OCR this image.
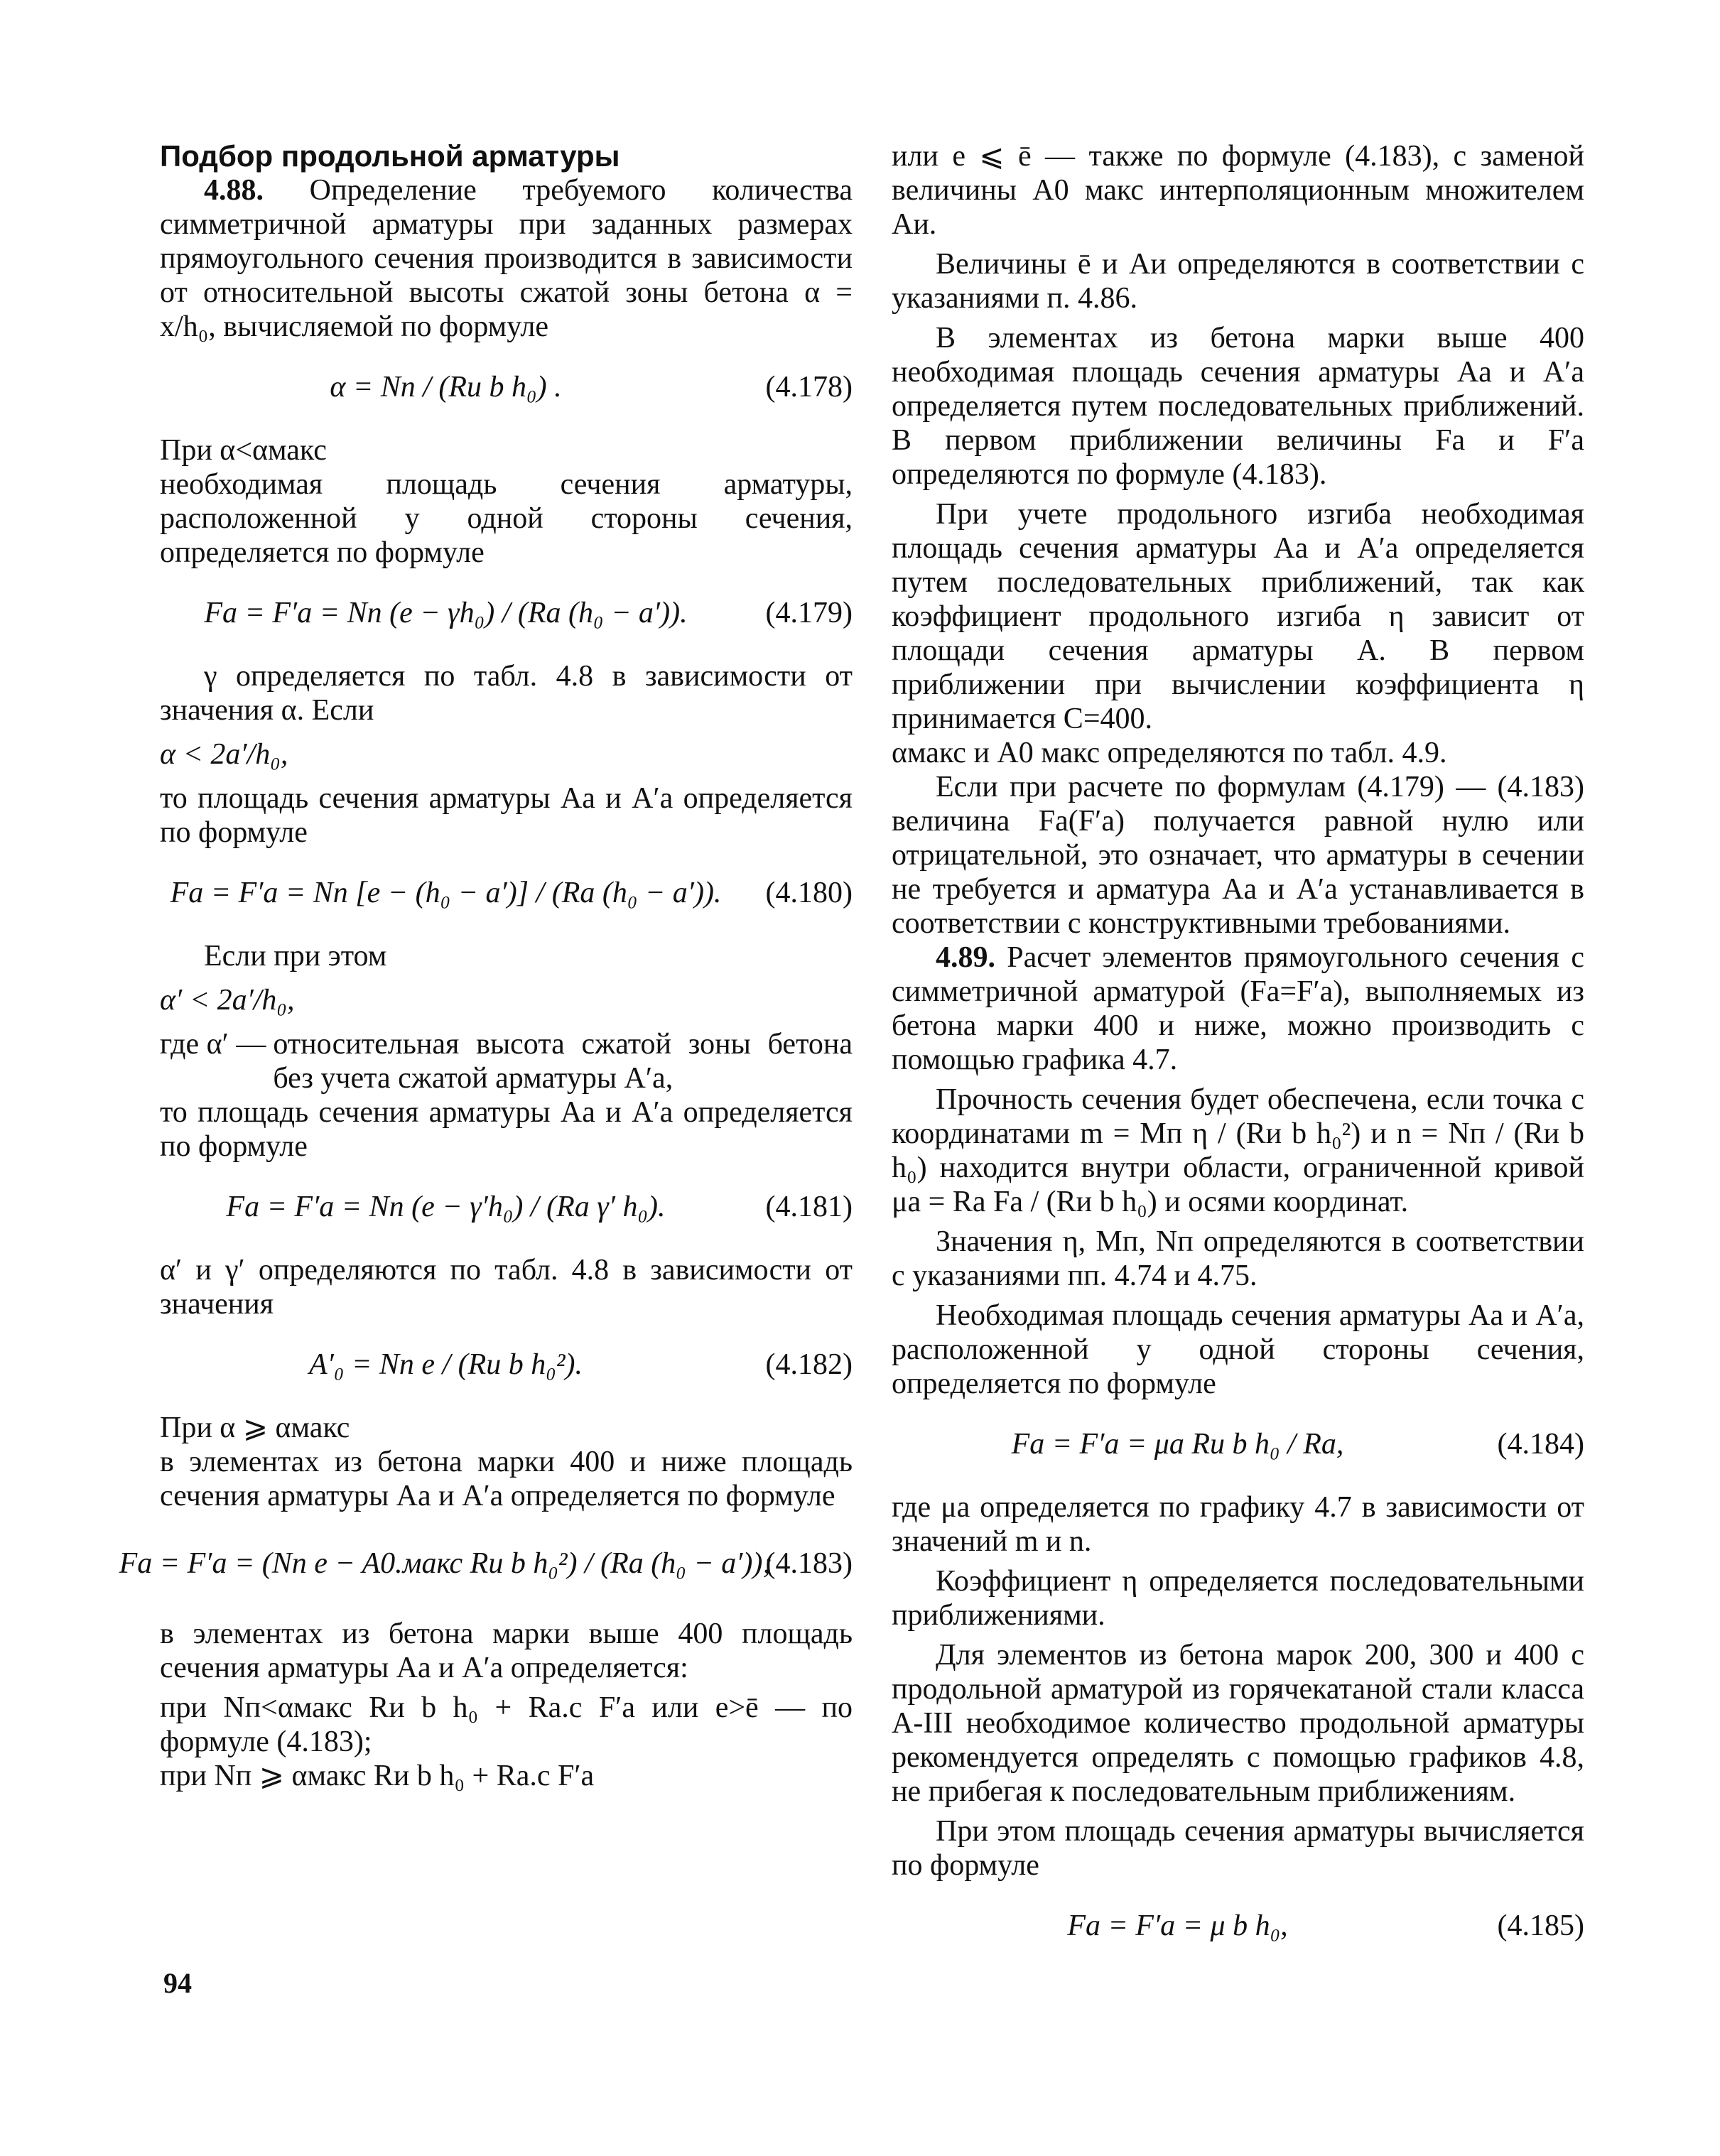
Подбор продольной арматуры

4.88. Определение требуемого количества симметричной арматуры при заданных размерах прямоугольного сечения производится в зависимости от относительной высоты сжатой зоны бетона α = x/h₀, вычисляемой по формуле

α = Nп / (Rи b h₀) .	(4.178)

При α<αмакс

необходимая площадь сечения арматуры, расположенной у одной стороны сечения, определяется по формуле

Fа = F′а = Nп (e − γh₀) / (Rа (h₀ − a′)).	(4.179)

γ определяется по табл. 4.8 в зависимости от значения α. Если

α < 2a′/h₀,

то площадь сечения арматуры Aа и A′а определяется по формуле

Fа = F′а = Nп [e − (h₀ − a′)] / (Rа (h₀ − a′)).	(4.180)

Если при этом

α′ < 2a′/h₀,

где α′ — относительная высота сжатой зоны бетона без учета сжатой арматуры A′а,

то площадь сечения арматуры Aа и A′а определяется по формуле

Fа = F′а = Nп (e − γ′h₀) / (Rа γ′ h₀).	(4.181)

α′ и γ′ определяются по табл. 4.8 в зависимости от значения

A′₀ = Nп e / (Rи b h₀²).	(4.182)

При α ⩾ αмакс

в элементах из бетона марки 400 и ниже площадь сечения арматуры Aа и A′а определяется по формуле

Fа = F′а = (Nп e − A0.макс Rи b h₀²) / (Rа (h₀ − a′));
(4.183)

в элементах из бетона марки выше 400 площадь сечения арматуры Aа и A′а определяется:

при Nп<αмакс Rи b h₀ + Rа.с F′а или e>ē — по формуле (4.183);

при Nп ⩾ αмакс Rи b h₀ + Rа.с F′а

или e ⩽ ē — также по формуле (4.183), с заменой величины A0 макс интерполяционным множителем Aи.

Величины ē и Aи определяются в соответствии с указаниями п. 4.86.

В элементах из бетона марки выше 400 необходимая площадь сечения арматуры Aа и A′а определяется путем последовательных приближений. В первом приближении величины Fа и F′а определяются по формуле (4.183).

При учете продольного изгиба необходимая площадь сечения арматуры Aа и A′а определяется путем последовательных приближений, так как коэффициент продольного изгиба η зависит от площади сечения арматуры A. В первом приближении при вычислении коэффициента η принимается C=400.

αмакс и A0 макс определяются по табл. 4.9.

Если при расчете по формулам (4.179) — (4.183) величина Fа(F′а) получается равной нулю или отрицательной, это означает, что арматуры в сечении не требуется и арматура Aа и A′а устанавливается в соответствии с конструктивными требованиями.

4.89. Расчет элементов прямоугольного сечения с симметричной арматурой (Fа=F′а), выполняемых из бетона марки 400 и ниже, можно производить с помощью графика 4.7.

Прочность сечения будет обеспечена, если точка с координатами m = Mп η / (Rи b h₀²) и n = Nп / (Rи b h₀) находится внутри области, ограниченной кривой μа = Rа Fа / (Rи b h₀) и осями координат.

Значения η, Mп, Nп определяются в соответствии с указаниями пп. 4.74 и 4.75.

Необходимая площадь сечения арматуры Aа и A′а, расположенной у одной стороны сечения, определяется по формуле

Fа = F′а = μа Rи b h₀ / Rа,	(4.184)

где μа определяется по графику 4.7 в зависимости от значений m и n.

Коэффициент η определяется последовательными приближениями.

Для элементов из бетона марок 200, 300 и 400 с продольной арматурой из горячекатаной стали класса А-III необходимое количество продольной арматуры рекомендуется определять с помощью графиков 4.8, не прибегая к последовательным приближениям.

При этом площадь сечения арматуры вычисляется по формуле

Fа = F′а = μ b h₀,	(4.185)
94
